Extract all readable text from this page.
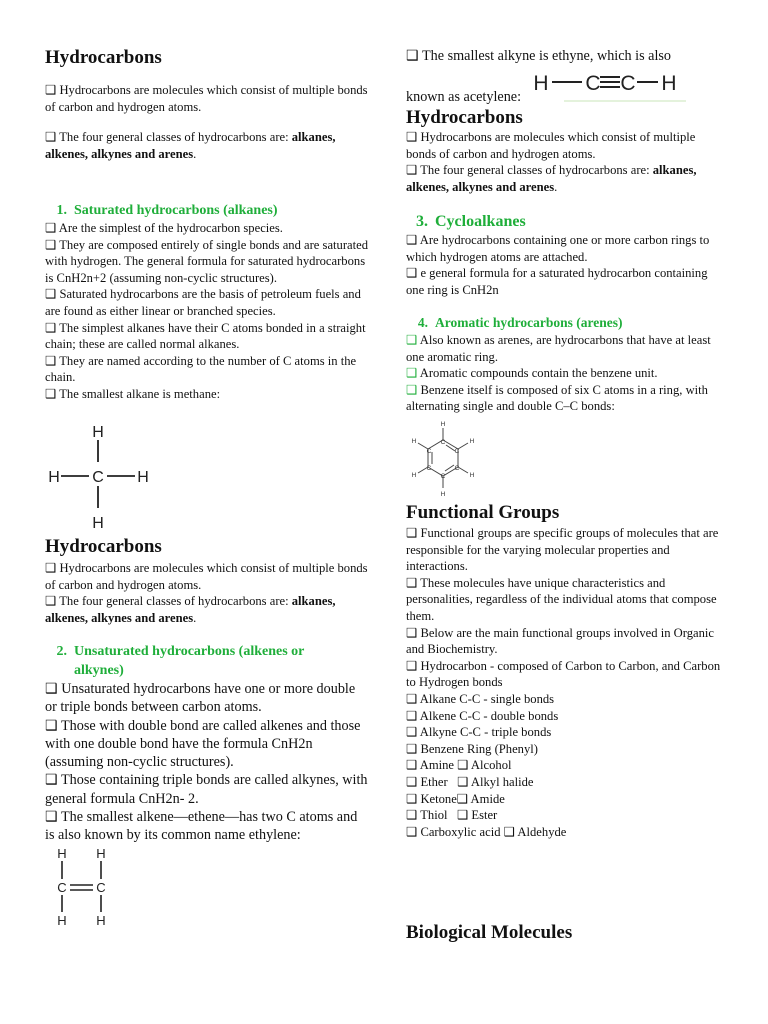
Hydrocarbons

❑ Hydrocarbons are molecules which consist of multiple bonds of carbon and hydrogen atoms.

❑ The four general classes of hydrocarbons are: alkanes, alkenes, alkynes and arenes.

1. Saturated hydrocarbons (alkanes)
❑ Are the simplest of the hydrocarbon species.
❑ They are composed entirely of single bonds and are saturated with hydrogen. The general formula for saturated hydrocarbons is CnH2n+2 (assuming non-cyclic structures).
❑ Saturated hydrocarbons are the basis of petroleum fuels and are found as either linear or branched species.
❑ The simplest alkanes have their C atoms bonded in a straight chain; these are called normal alkanes.
❑ They are named according to the number of C atoms in the chain.
❑ The smallest alkane is methane:
H
C
H	H
H
Hydrocarbons

❑ Hydrocarbons are molecules which consist of multiple bonds of carbon and hydrogen atoms.

❑ The four general classes of hydrocarbons are: alkanes, alkenes, alkynes and arenes.

2. Unsaturated hydrocarbons (alkenes or alkynes)
❑ Unsaturated hydrocarbons have one or more double or triple bonds between carbon atoms.
❑ Those with double bond are called alkenes and those with one double bond have the formula CnH2n (assuming non-cyclic structures).
❑ Those containing triple bonds are called alkynes, with general formula CnH2n- 2.
❑ The smallest alkene—ethene—has two C atoms and is also known by its common name ethylene:
H H
C C
H H

❑ The smallest alkyne is ethyne, which is also

known as acetylene:

Hydrocarbons

❑ Hydrocarbons are molecules which consist of multiple bonds of carbon and hydrogen atoms.

❑ The four general classes of hydrocarbons are: alkanes, alkenes, alkynes and arenes.

3. Cycloalkanes
❑ Are hydrocarbons containing one or more carbon rings to which hydrogen atoms are attached.
❑ e general formula for a saturated hydrocarbon containing one ring is CnH2n
4. Aromatic hydrocarbons (arenes)
❑ Also known as arenes, are hydrocarbons that have at least one aromatic ring.
❑ Aromatic compounds contain the benzene unit.
❑ Benzene itself is composed of six C atoms in a ring, with alternating single and double C–C bonds:
Functional Groups
❑ Functional groups are specific groups of molecules that are responsible for the varying molecular properties and interactions.
❑ These molecules have unique characteristics and personalities, regardless of the individual atoms that compose them.
❑ Below are the main functional groups involved in Organic and Biochemistry.
❑ Hydrocarbon - composed of Carbon to Carbon, and Carbon to Hydrogen bonds
❑ Alkane C-C - single bonds
❑ Alkene C-C - double bonds
❑ Alkyne C-C - triple bonds
❑ Benzene Ring (Phenyl)
❑ Amine ❑ Alcohol
❑ Ether   ❑ Alkyl halide
❑ Ketone❑ Amide
❑ Thiol   ❑ Ester
❑ Carboxylic acid ❑ Aldehyde
Biological Molecules
H C C H
H
H
H
H
H
H
C
C
C
C
C
C
